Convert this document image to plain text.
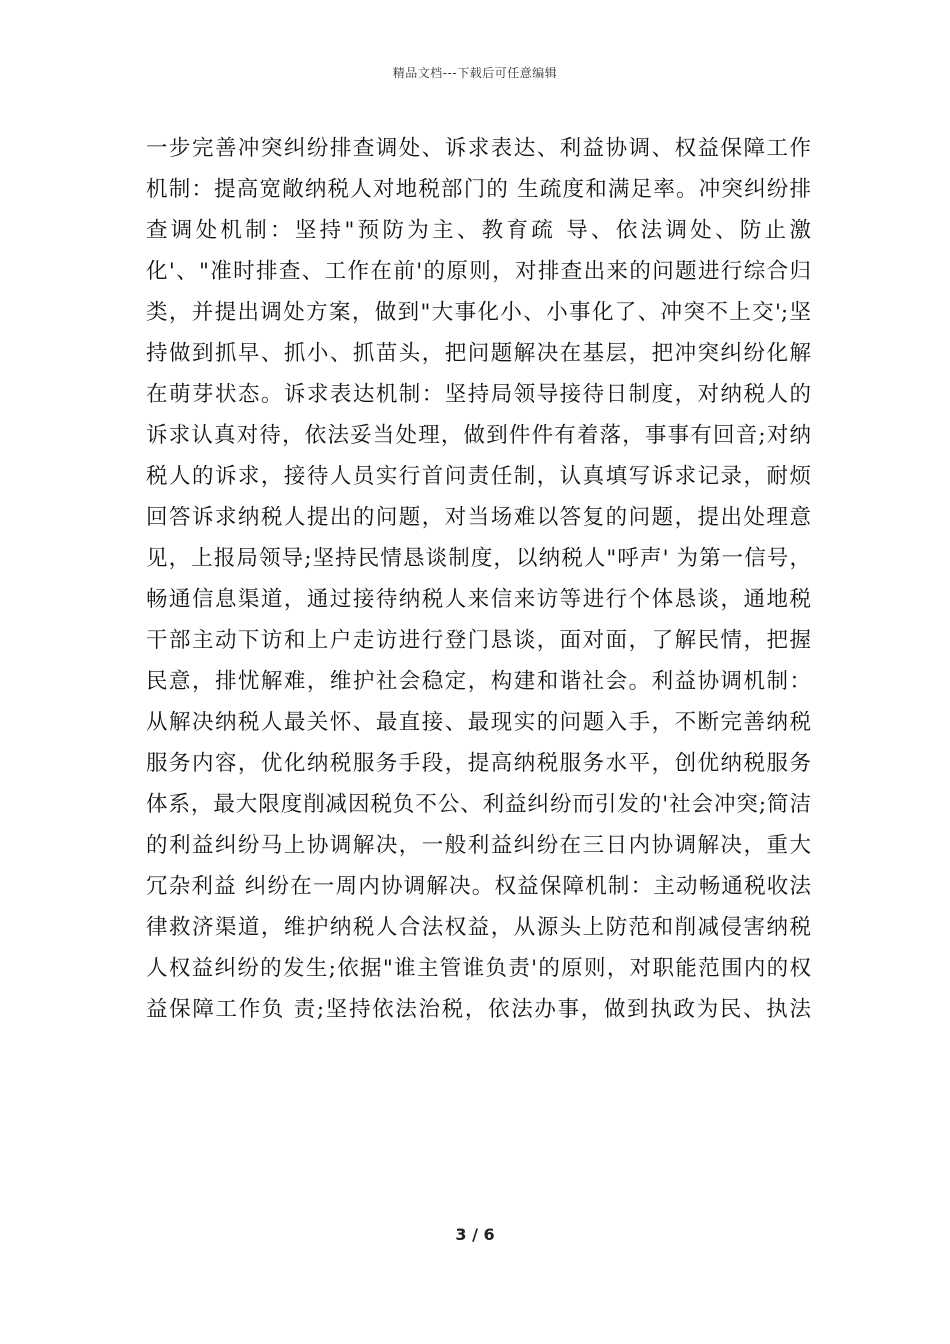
精品文档---下载后可任意编辑
一步完善冲突纠纷排查调处、诉求表达、利益协调、权益保障工作
机制：提高宽敞纳税人对地税部门的 生疏度和满足率。冲突纠纷排
查调处机制：坚持"预防为主、教育疏 导、依法调处、防止激
化'、"准时排查、工作在前'的原则，对排查出来的问题进行综合归
类，并提出调处方案，做到"大事化小、小事化了、冲突不上交';坚
持做到抓早、抓小、抓苗头，把问题解决在基层，把冲突纠纷化解
在萌芽状态。诉求表达机制：坚持局领导接待日制度，对纳税人的
诉求认真对待，依法妥当处理，做到件件有着落，事事有回音;对纳
税人的诉求，接待人员实行首问责任制，认真填写诉求记录，耐烦
回答诉求纳税人提出的问题，对当场难以答复的问题，提出处理意
见，上报局领导;坚持民情恳谈制度，以纳税人"呼声' 为第一信号，
畅通信息渠道，通过接待纳税人来信来访等进行个体恳谈，通地税
干部主动下访和上户走访进行登门恳谈，面对面，了解民情，把握
民意，排忧解难，维护社会稳定，构建和谐社会。利益协调机制：
从解决纳税人最关怀、最直接、最现实的问题入手，不断完善纳税
服务内容，优化纳税服务手段，提高纳税服务水平，创优纳税服务
体系，最大限度削减因税负不公、利益纠纷而引发的'社会冲突;简洁
的利益纠纷马上协调解决，一般利益纠纷在三日内协调解决，重大
冗杂利益 纠纷在一周内协调解决。权益保障机制：主动畅通税收法
律救济渠道，维护纳税人合法权益，从源头上防范和削减侵害纳税
人权益纠纷的发生;依据"谁主管谁负责'的原则，对职能范围内的权
益保障工作负 责;坚持依法治税，依法办事，做到执政为民、执法
3 / 6
